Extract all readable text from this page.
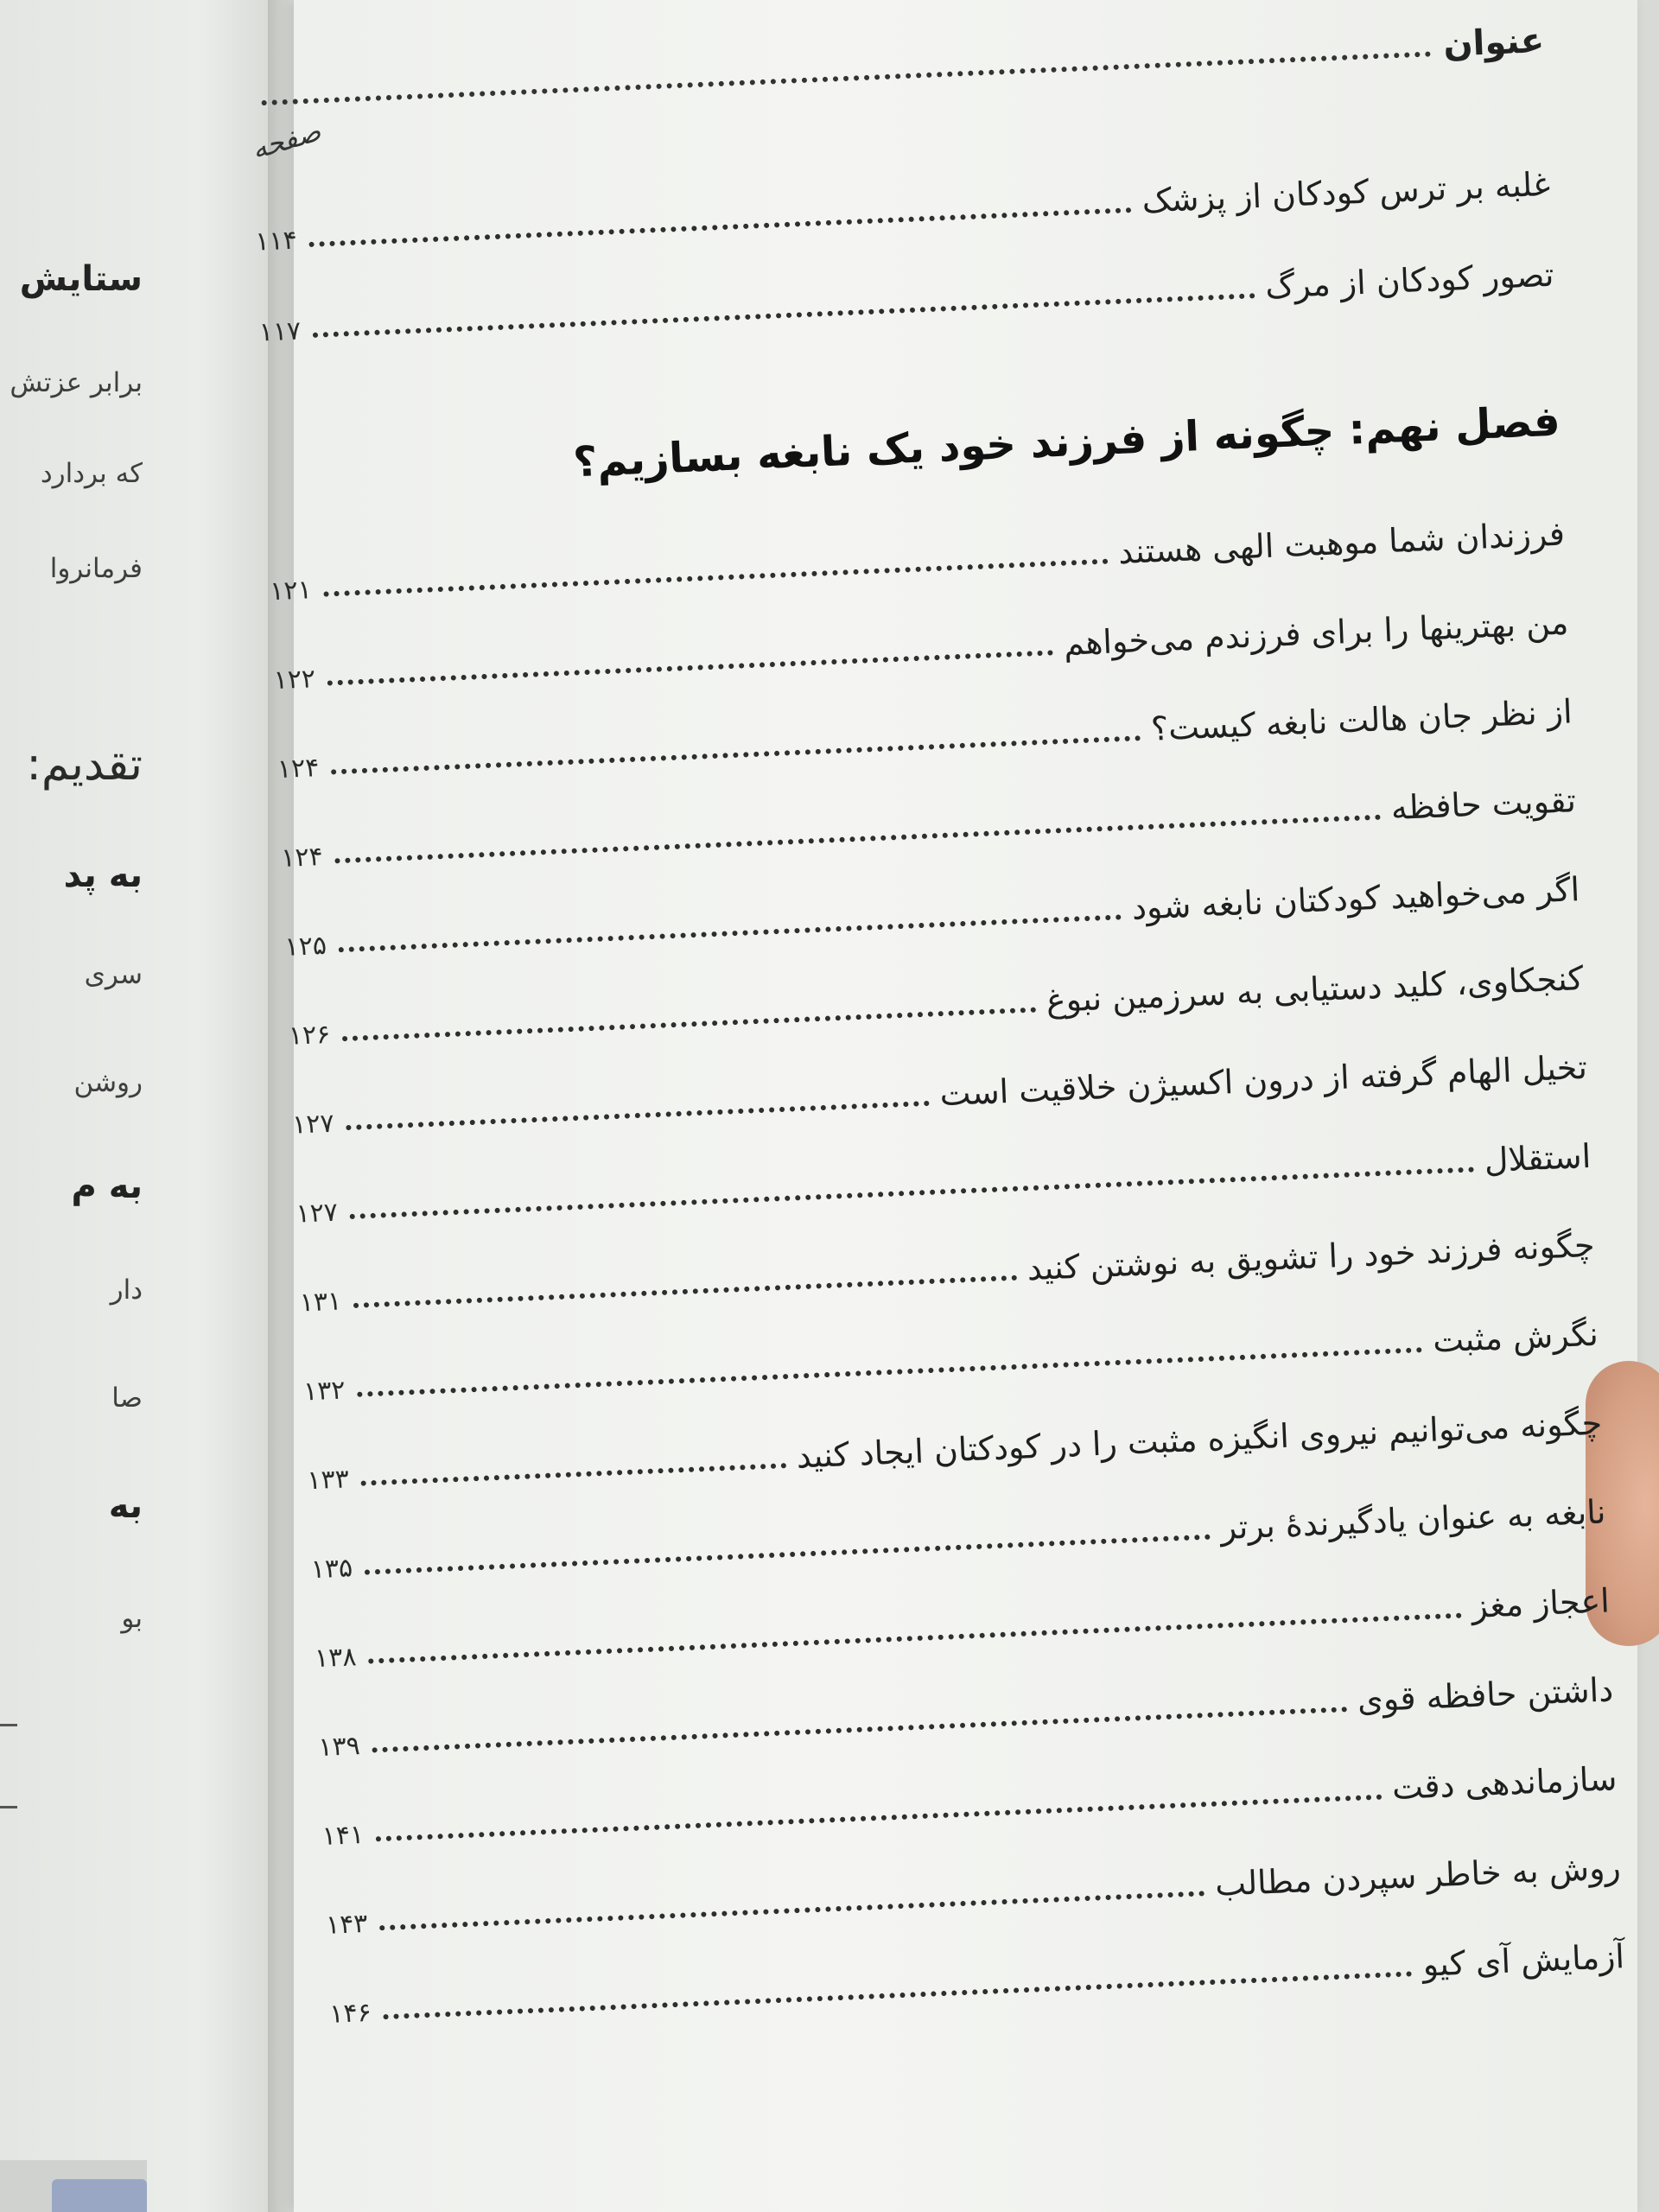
ستایش
برابر عزتش
که بردارد
فرمانروا
تقدیم:
به پد
سری
روشن
به م
دار
صا
به
بو
عنوان
صفحه
غلبه بر ترس کودکان از پزشک
۱۱۴
تصور کودکان از مرگ
۱۱۷
فصل نهم: چگونه از فرزند خود یک نابغه بسازیم؟
فرزندان شما موهبت الهی هستند
۱۲۱
من بهترینها را برای فرزندم می‌خواهم
۱۲۲
از نظر جان هالت نابغه کیست؟
۱۲۴
تقویت حافظه
۱۲۴
اگر می‌خواهید کودکتان نابغه شود
۱۲۵
کنجکاوی، کلید دستیابی به سرزمین نبوغ
۱۲۶
تخیل الهام گرفته از درون اکسیژن خلاقیت است
۱۲۷
استقلال
۱۲۷
چگونه فرزند خود را تشویق به نوشتن کنید
۱۳۱
نگرش مثبت
۱۳۲
چگونه می‌توانیم نیروی انگیزه مثبت را در کودکتان ایجاد کنید
۱۳۳
نابغه به عنوان یادگیرندهٔ برتر
۱۳۵
اعجاز مغز
۱۳۸
داشتن حافظه قوی
۱۳۹
سازماندهی دقت
۱۴۱
روش به خاطر سپردن مطالب
۱۴۳
آزمایش آی کیو
۱۴۶
